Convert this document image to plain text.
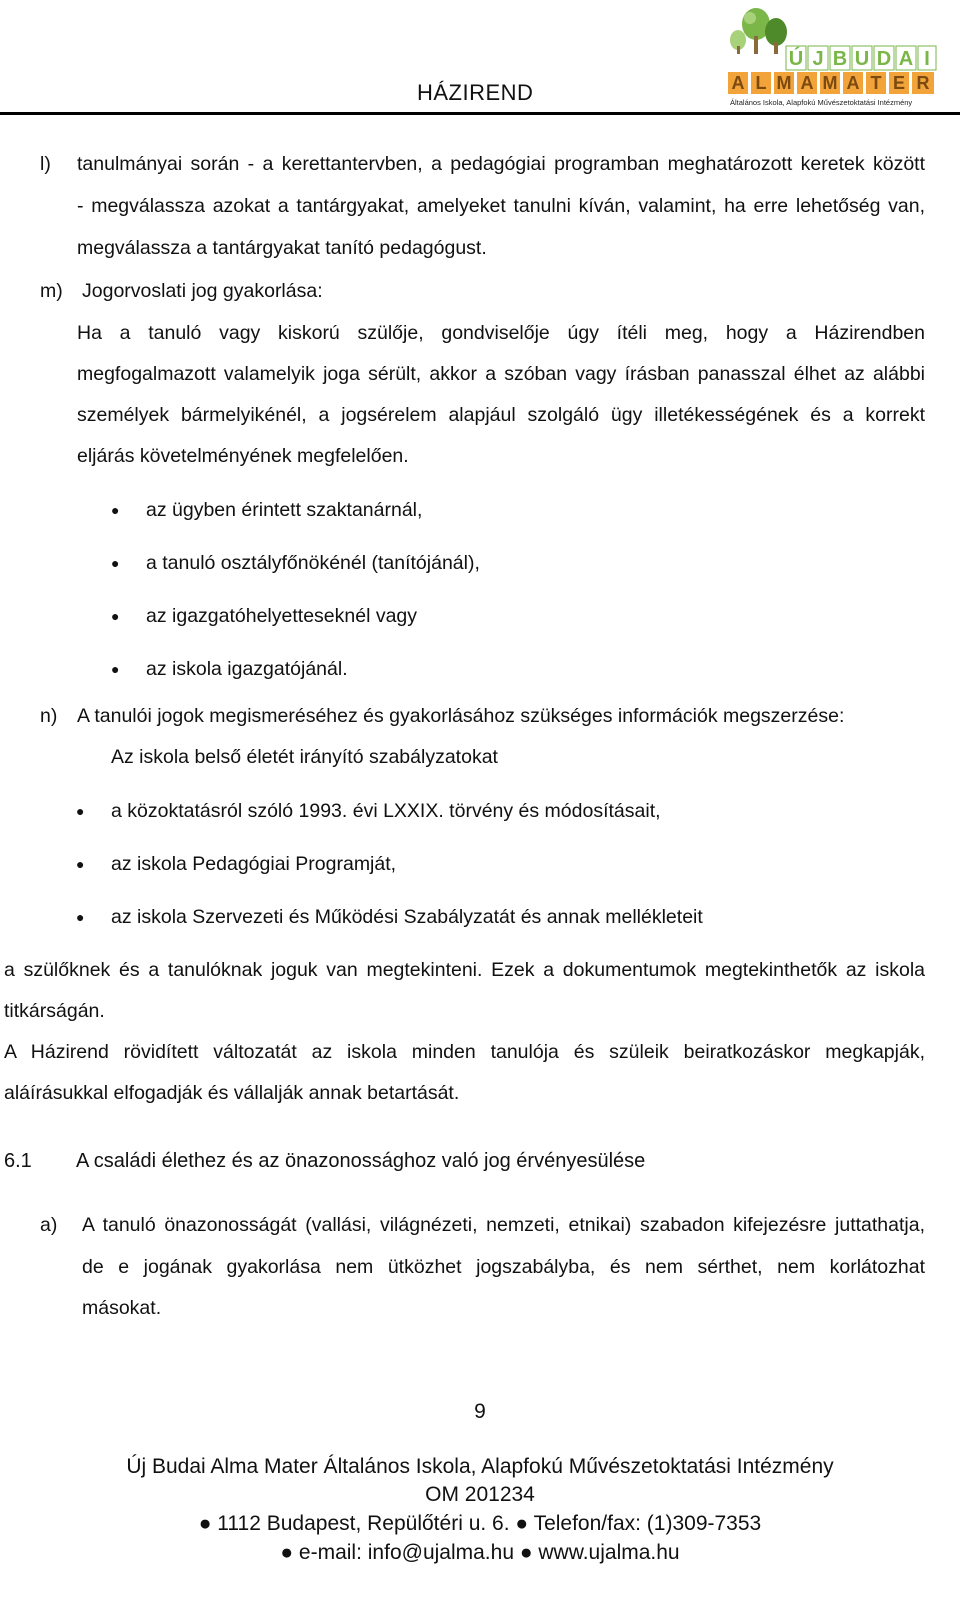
HÁZIREND
Ú J B U D A I
A L M A M A T E R
Általános Iskola, Alapfokú Művészetoktatási Intézmény
l) tanulmányai során - a kerettantervben, a pedagógiai programban meghatározott keretek között
- megválassza azokat a tantárgyakat, amelyeket tanulni kíván, valamint, ha erre lehetőség van,
megválassza a tantárgyakat tanító pedagógust.
m) Jogorvoslati jog gyakorlása:
Ha a tanuló vagy kiskorú szülője, gondviselője úgy ítéli meg, hogy a Házirendben
megfogalmazott valamelyik joga sérült, akkor a szóban vagy írásban panasszal élhet az alábbi
személyek bármelyikénél, a jogsérelem alapjául szolgáló ügy illetékességének és a korrekt
eljárás követelményének megfelelően.
● az ügyben érintett szaktanárnál,
● a tanuló osztályfőnökénél (tanítójánál),
● az igazgatóhelyetteseknél vagy
● az iskola igazgatójánál.
n) A tanulói jogok megismeréséhez és gyakorlásához szükséges információk megszerzése:
Az iskola belső életét irányító szabályzatokat
● a közoktatásról szóló 1993. évi LXXIX. törvény és módosításait,
● az iskola Pedagógiai Programját,
● az iskola Szervezeti és Működési Szabályzatát és annak mellékleteit
a szülőknek és a tanulóknak joguk van megtekinteni. Ezek a dokumentumok megtekinthetők az iskola
titkárságán.
A Házirend rövidített változatát az iskola minden tanulója és szüleik beiratkozáskor megkapják,
aláírásukkal elfogadják és vállalják annak betartását.
6.1 A családi élethez és az önazonossághoz való jog érvényesülése
a) A tanuló önazonosságát (vallási, világnézeti, nemzeti, etnikai) szabadon kifejezésre juttathatja,
de e jogának gyakorlása nem ütközhet jogszabályba, és nem sérthet, nem korlátozhat
másokat.
9
Új Budai Alma Mater Általános Iskola, Alapfokú Művészetoktatási Intézmény
OM 201234
● 1112 Budapest, Repülőtéri u. 6. ● Telefon/fax: (1)309-7353
● e-mail: info@ujalma.hu ● www.ujalma.hu
